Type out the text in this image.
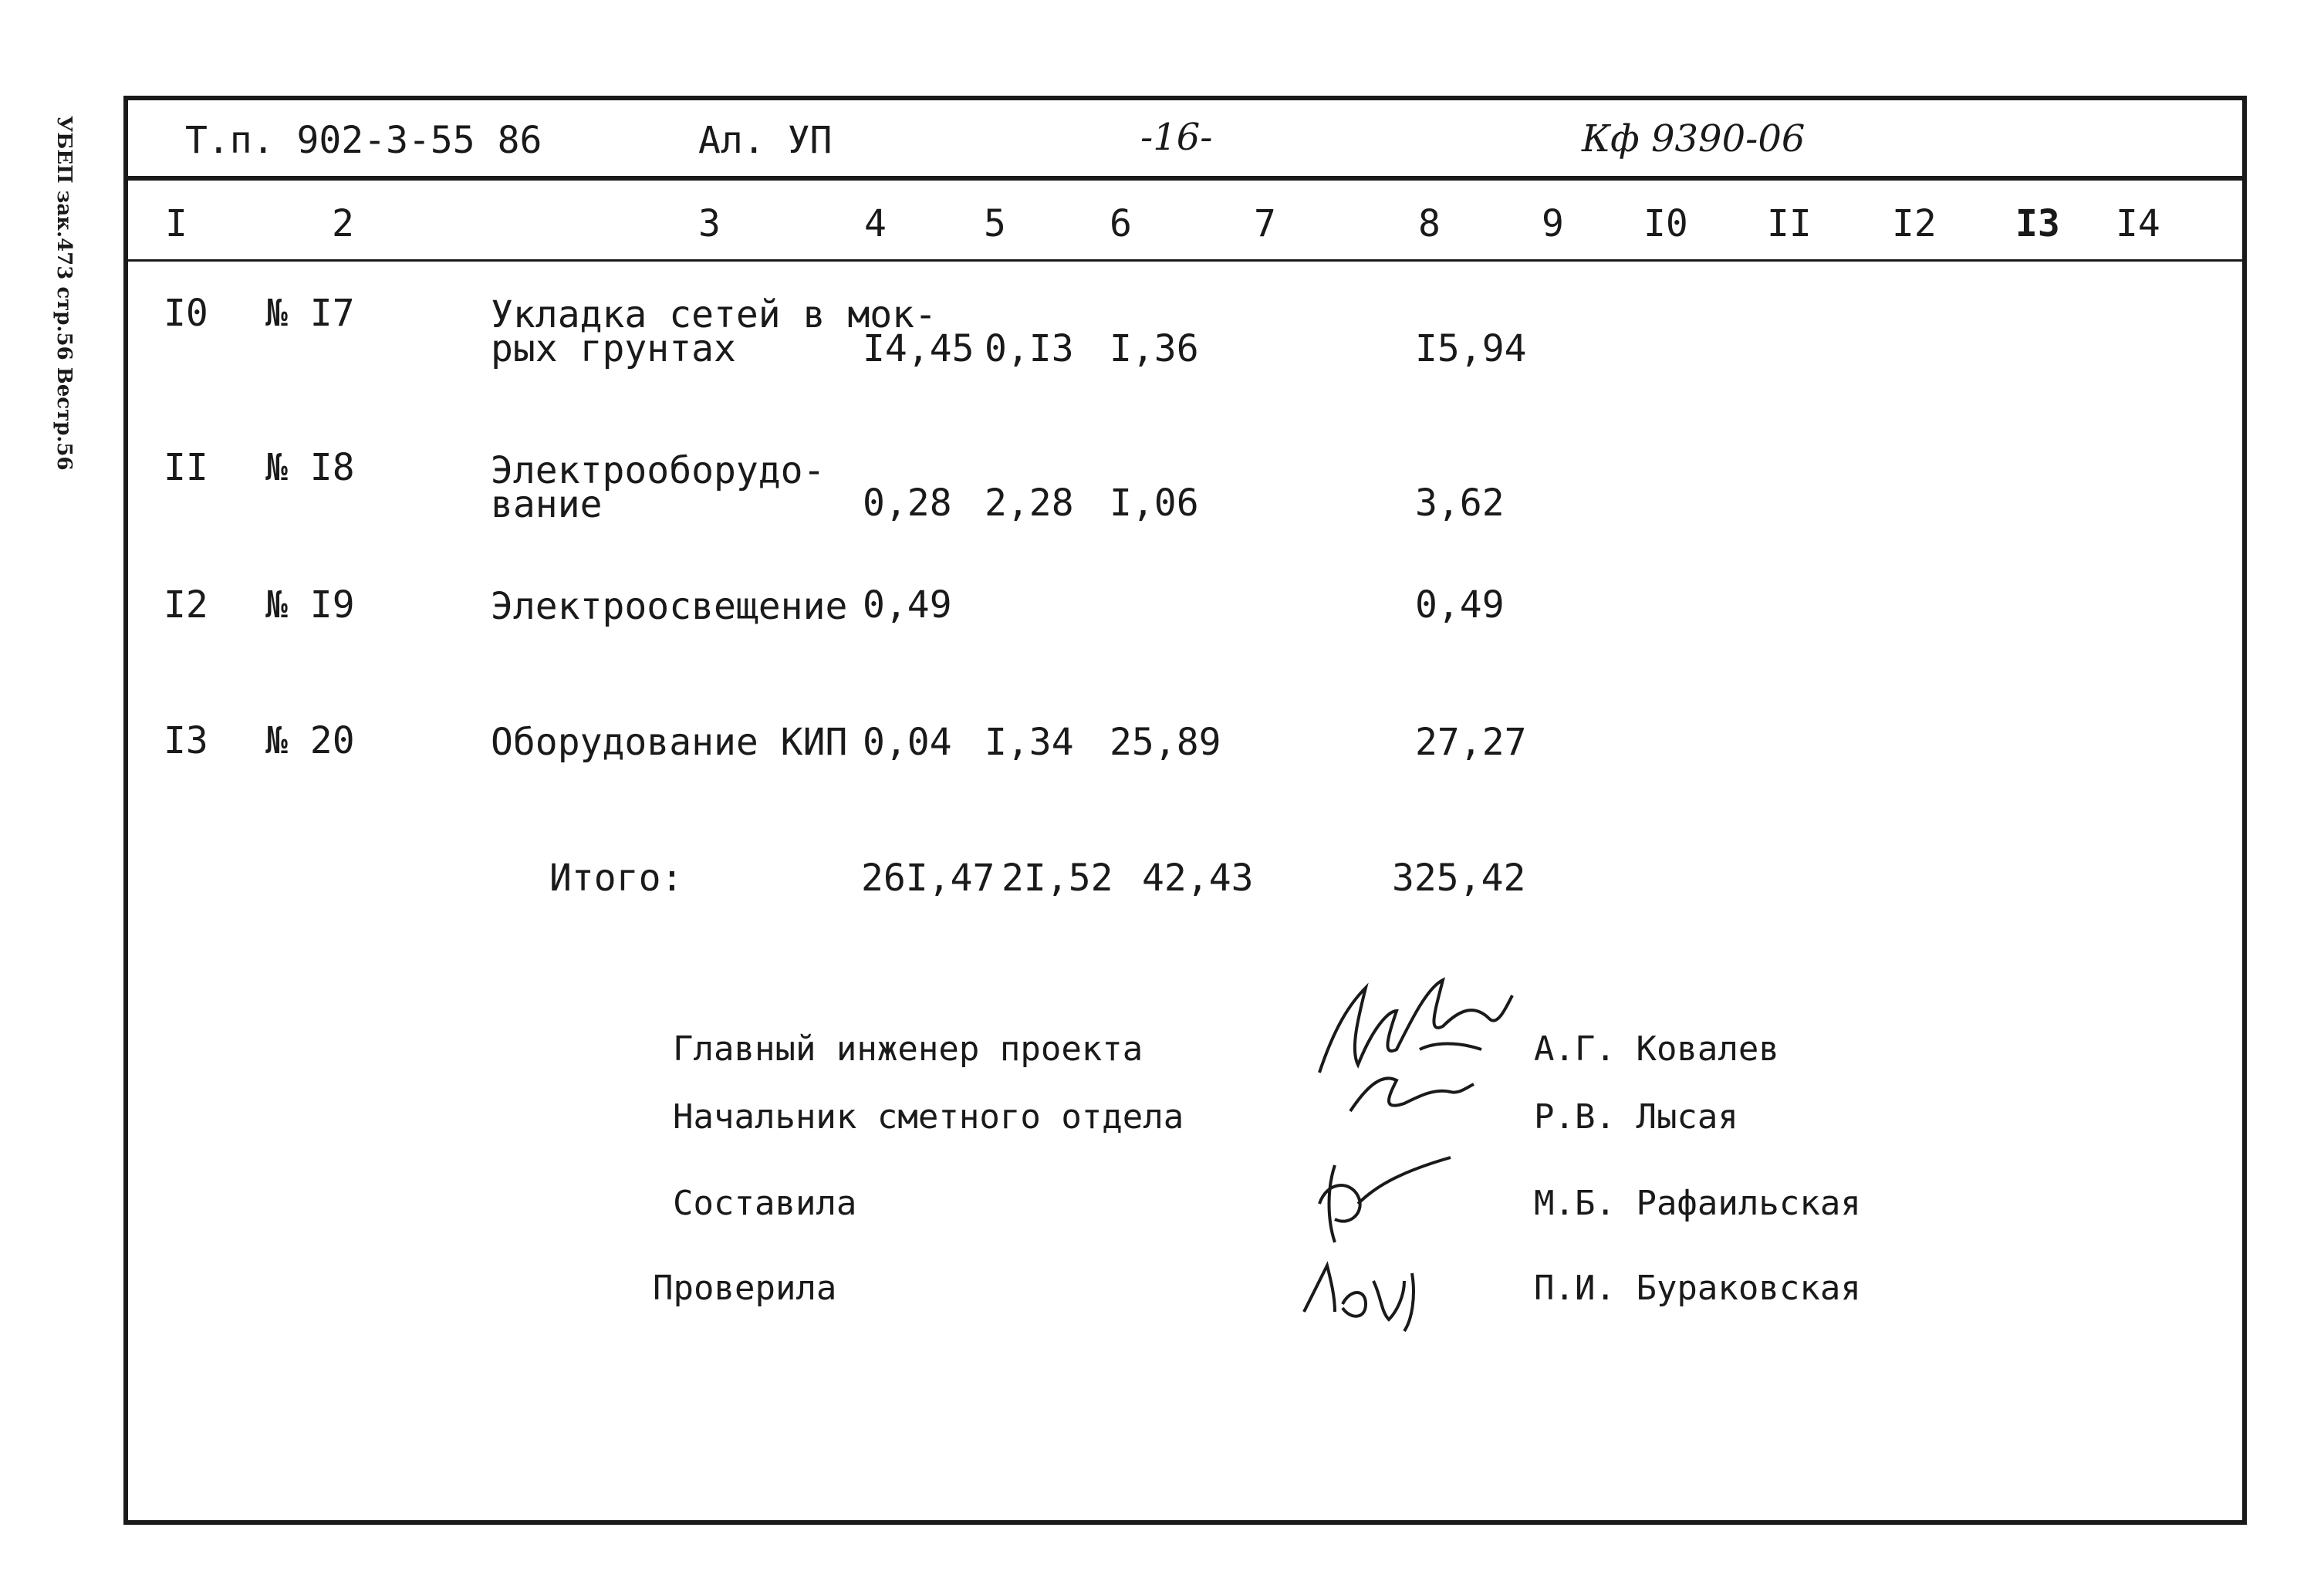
УБЕП зак.473 стр.56 Bестр.56	Т.п. 902-3-55 86	Ал. УП	-16-	Кф 9390-06
I	2	3	4	5	6	7	8	9 I0 II I2 I3 I4
I0 № I7	Укладка сетей в мок-
рых грунтах	I4,45 0,I3 I,36	I5,94
II № I8	Электрооборудо-
вание	0,28 2,28 I,06	3,62
I2 № I9	Электроосвещение 0,49	0,49
I3 № 20	Оборудование КИП 0,04 I,34 25,89	27,27
Итого:	26I,47 2I,52 42,43	325,42
Главный инженер проекта
Начальник сметного отдела
Составила
Проверила
А.Г. Ковалев
Р.В. Лысая
М.Б. Рафаильская
П.И. Бураковская
